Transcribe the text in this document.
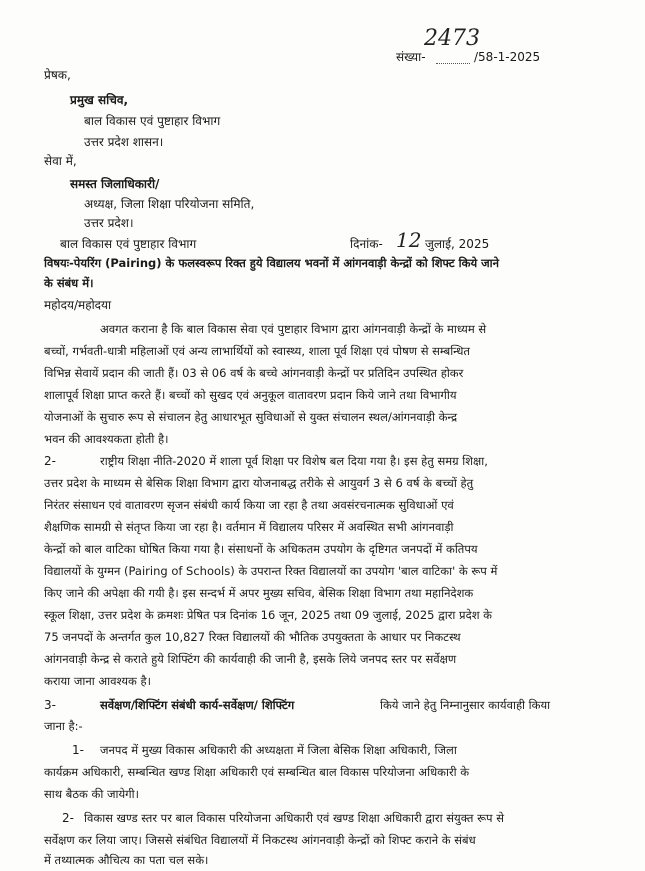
2473
संख्या-	/58-1-2025
प्रेषक,
प्रमुख सचिव,
बाल विकास एवं पुष्टाहार विभाग
उत्तर प्रदेश शासन।
सेवा में,
समस्त जिलाधिकारी/
अध्यक्ष, जिला शिक्षा परियोजना समिति,
उत्तर प्रदेश।
बाल विकास एवं पुष्टाहार विभाग	दिनांक- 12 जुलाई, 2025
विषयः-पेयरिंग (Pairing) के फलस्वरूप रिक्त हुये विद्यालय भवनों में आंगनवाड़ी केन्द्रों को शिफ्ट किये जाने
के संबंध में।
महोदय/महोदया
अवगत कराना है कि बाल विकास सेवा एवं पुष्टाहार विभाग द्वारा आंगनवाड़ी केन्द्रों के माध्यम से
बच्चों, गर्भवती-धात्री महिलाओं एवं अन्य लाभार्थियों को स्वास्थ्य, शाला पूर्व शिक्षा एवं पोषण से सम्बन्धित
विभिन्न सेवायें प्रदान की जाती हैं। 03 से 06 वर्ष के बच्चे आंगनवाड़ी केन्द्रों पर प्रतिदिन उपस्थित होकर
शालापूर्व शिक्षा प्राप्त करते हैं। बच्चों को सुखद एवं अनुकूल वातावरण प्रदान किये जाने तथा विभागीय
योजनाओं के सुचारु रूप से संचालन हेतु आधारभूत सुविधाओं से युक्त संचालन स्थल/आंगनवाड़ी केन्द्र
भवन की आवश्यकता होती है।
2-	राष्ट्रीय शिक्षा नीति-2020 में शाला पूर्व शिक्षा पर विशेष बल दिया गया है। इस हेतु समग्र शिक्षा,
उत्तर प्रदेश के माध्यम से बेसिक शिक्षा विभाग द्वारा योजनाबद्ध तरीके से आयुवर्ग 3 से 6 वर्ष के बच्चों हेतु
निरंतर संसाधन एवं वातावरण सृजन संबंधी कार्य किया जा रहा है तथा अवसंरचनात्मक सुविधाओं एवं
शैक्षणिक सामग्री से संतृप्त किया जा रहा है। वर्तमान में विद्यालय परिसर में अवस्थित सभी आंगनवाड़ी
केन्द्रों को बाल वाटिका घोषित किया गया है। संसाधनों के अधिकतम उपयोग के दृष्टिगत जनपदों में कतिपय
विद्यालयों के युग्मन (Pairing of Schools) के उपरान्त रिक्त विद्यालयों का उपयोग 'बाल वाटिका' के रूप में
किए जाने की अपेक्षा की गयी है। इस सन्दर्भ में अपर मुख्य सचिव, बेसिक शिक्षा विभाग तथा महानिदेशक
स्कूल शिक्षा, उत्तर प्रदेश के क्रमशः प्रेषित पत्र दिनांक 16 जून, 2025 तथा 09 जुलाई, 2025 द्वारा प्रदेश के
75 जनपदों के अन्तर्गत कुल 10,827 रिक्त विद्यालयों की भौतिक उपयुक्तता के आधार पर निकटस्थ
आंगनवाड़ी केन्द्र से कराते हुये शिफ्टिंग की कार्यवाही की जानी है, इसके लिये जनपद स्तर पर सर्वेक्षण
कराया जाना आवश्यक है।
3-	सर्वेक्षण/शिफ्टिंग संबंधी कार्य-सर्वेक्षण/ शिफ्टिंग	किये जाने हेतु निम्नानुसार कार्यवाही किया
जाना है:-
1- जनपद में मुख्य विकास अधिकारी की अध्यक्षता में जिला बेसिक शिक्षा अधिकारी, जिला
कार्यक्रम अधिकारी, सम्बन्धित खण्ड शिक्षा अधिकारी एवं सम्बन्धित बाल विकास परियोजना अधिकारी के
साथ बैठक की जायेगी।
2- विकास खण्ड स्तर पर बाल विकास परियोजना अधिकारी एवं खण्ड शिक्षा अधिकारी द्वारा संयुक्त रूप से
सर्वेक्षण कर लिया जाए। जिससे संबंधित विद्यालयों में निकटस्थ आंगनवाड़ी केन्द्रों को शिफ्ट कराने के संबंध
में तथ्यात्मक औचित्य का पता चल सके।
